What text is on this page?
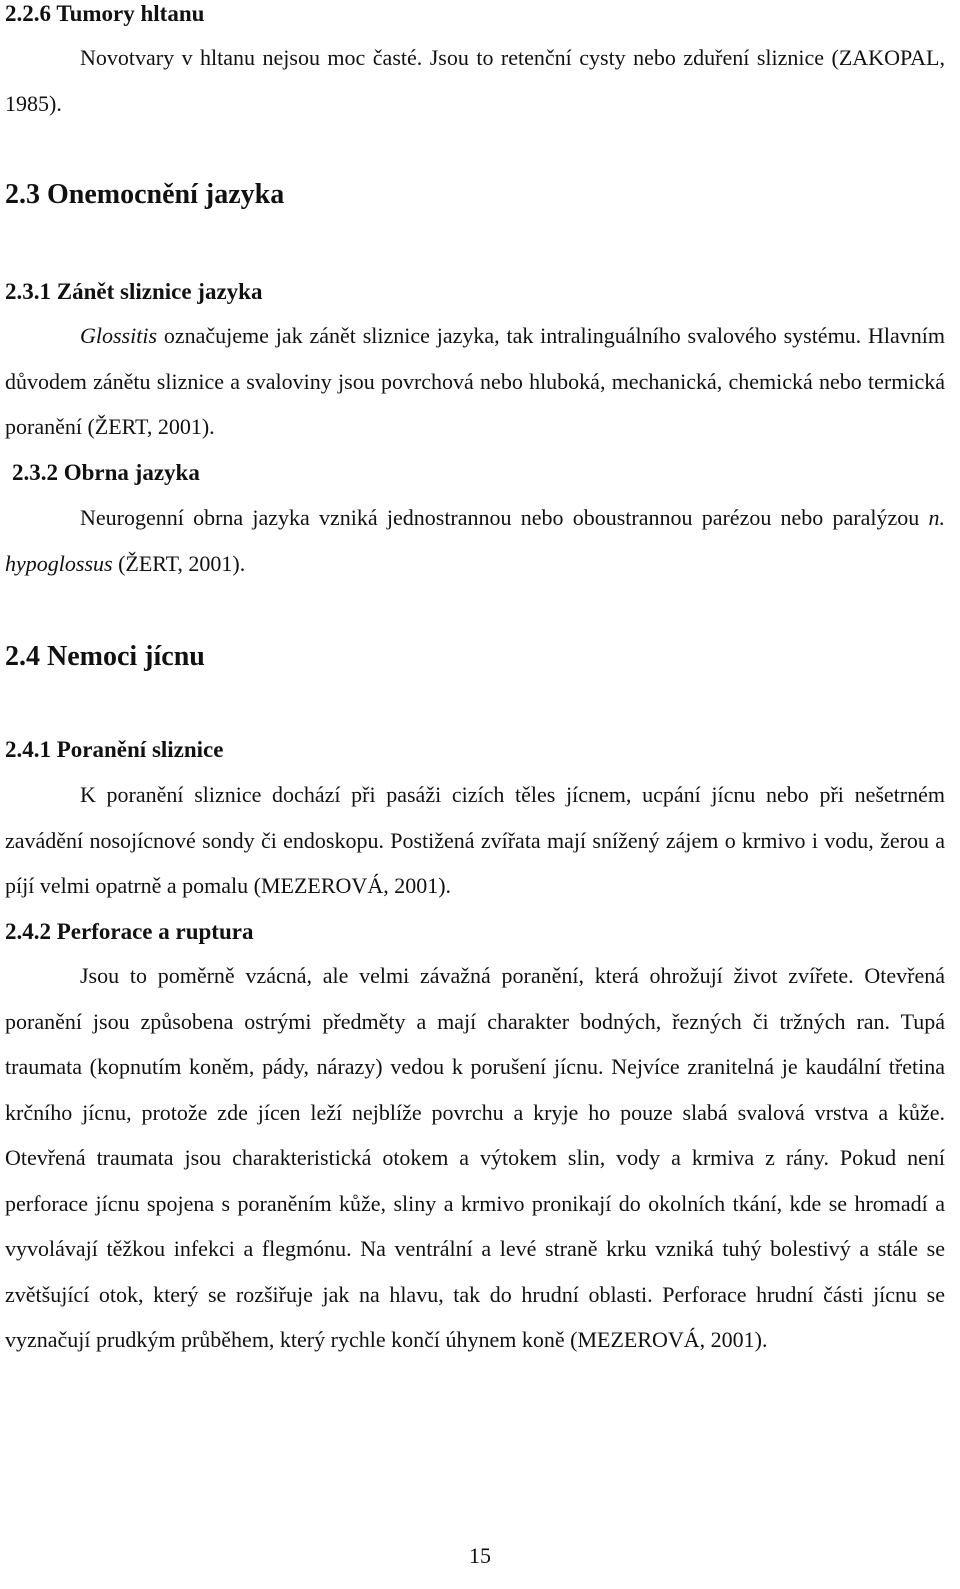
2.2.6 Tumory hltanu

Novotvary v hltanu nejsou moc časté. Jsou to retenční cysty nebo zduření sliznice (ZAKOPAL, 1985).

2.3 Onemocnění jazyka
2.3.1 Zánět sliznice jazyka

Glossitis označujeme jak zánět sliznice jazyka, tak intralinguálního svalového systému. Hlavním důvodem zánětu sliznice a svaloviny jsou povrchová nebo hluboká, mechanická, chemická nebo termická poranění (ŽERT, 2001).

2.3.2 Obrna jazyka

Neurogenní obrna jazyka vzniká jednostrannou nebo oboustrannou parézou nebo paralýzou n. hypoglossus (ŽERT, 2001).

2.4 Nemoci jícnu
2.4.1 Poranění sliznice

K poranění sliznice dochází při pasáži cizích těles jícnem, ucpání jícnu nebo při nešetrném zavádění nosojícnové sondy či endoskopu. Postižená zvířata mají snížený zájem o krmivo i vodu, žerou a píjí velmi opatrně a pomalu (MEZEROVÁ, 2001).

2.4.2 Perforace a ruptura

Jsou to poměrně vzácná, ale velmi závažná poranění, která ohrožují život zvířete. Otevřená poranění jsou způsobena ostrými předměty a mají charakter bodných, řezných či tržných ran. Tupá traumata (kopnutím koněm, pády, nárazy) vedou k porušení jícnu. Nejvíce zranitelná je kaudální třetina krčního jícnu, protože zde jícen leží nejblíže povrchu a kryje ho pouze slabá svalová vrstva a kůže. Otevřená traumata jsou charakteristická otokem a výtokem slin, vody a krmiva z rány. Pokud není perforace jícnu spojena s poraněním kůže, sliny a krmivo pronikají do okolních tkání, kde se hromadí a vyvolávají těžkou infekci a flegmónu. Na ventrální a levé straně krku vzniká tuhý bolestivý a stále se zvětšující otok, který se rozšiřuje jak na hlavu, tak do hrudní oblasti. Perforace hrudní části jícnu se vyznačují prudkým průběhem, který rychle končí úhynem koně (MEZEROVÁ, 2001).

15
